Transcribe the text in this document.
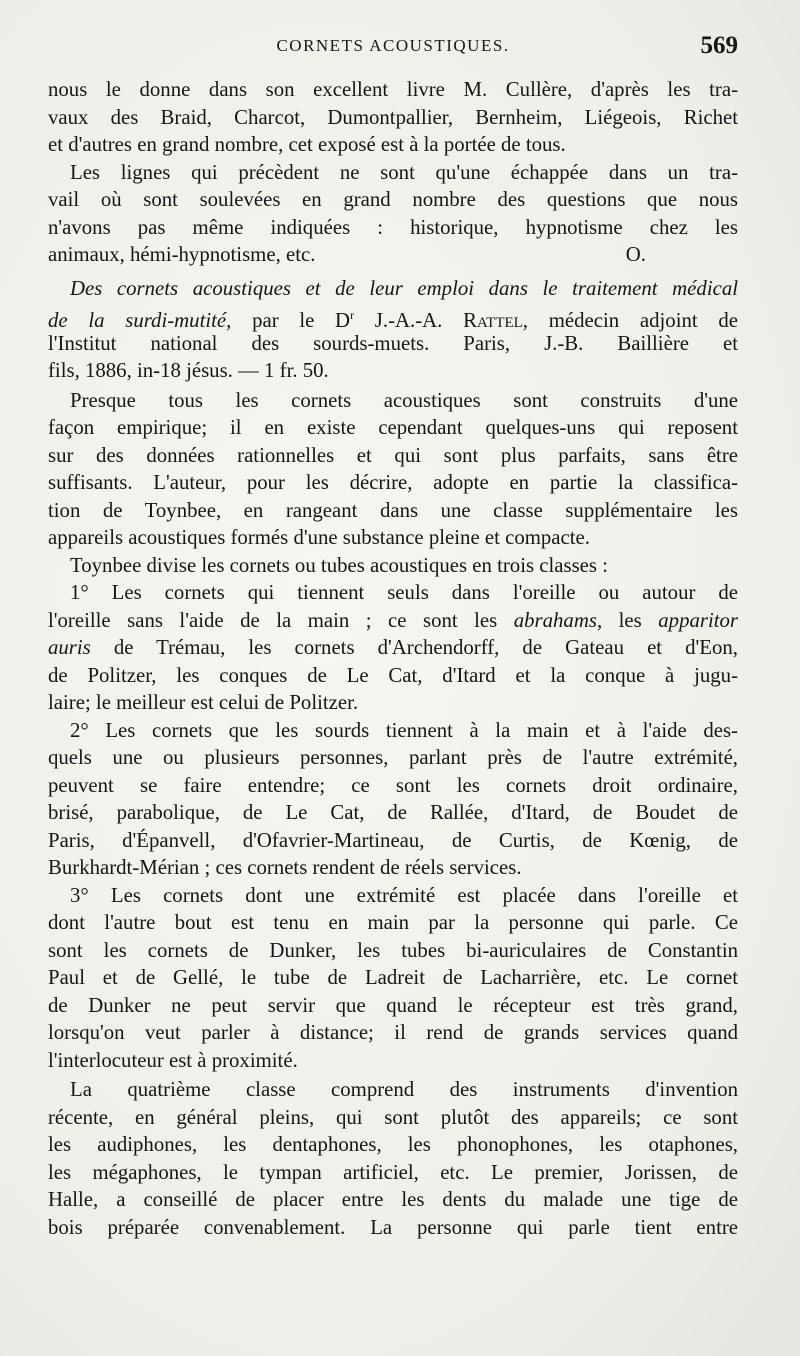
CORNETS ACOUSTIQUES.	569
nous le donne dans son excellent livre M. Cullère, d'après les tra-
vaux des Braid, Charcot, Dumontpallier, Bernheim, Liégeois, Richet
et d'autres en grand nombre, cet exposé est à la portée de tous.
Les lignes qui précèdent ne sont qu'une échappée dans un tra-
vail où sont soulevées en grand nombre des questions que nous
n'avons pas même indiquées : historique, hypnotisme chez les
animaux, hémi-hypnotisme, etc.	O.
Des cornets acoustiques et de leur emploi dans le traitement médical
de la surdi-mutité, par le $D^r$ J.-A.-A. Rattel, médecin adjoint de
l'Institut national des sourds-muets. Paris, J.-B. Baillière et
fils, 1886, in-18 jésus. — 1 fr. 50.
Presque tous les cornets acoustiques sont construits d'une
façon empirique; il en existe cependant quelques-uns qui reposent
sur des données rationnelles et qui sont plus parfaits, sans être
suffisants. L'auteur, pour les décrire, adopte en partie la classifica-
tion de Toynbee, en rangeant dans une classe supplémentaire les
appareils acoustiques formés d'une substance pleine et compacte.
Toynbee divise les cornets ou tubes acoustiques en trois classes :
1° Les cornets qui tiennent seuls dans l'oreille ou autour de
l'oreille sans l'aide de la main ; ce sont les abrahams, les apparitor
auris de Trémau, les cornets d'Archendorff, de Gateau et d'Eon,
de Politzer, les conques de Le Cat, d'Itard et la conque à jugu-
laire; le meilleur est celui de Politzer.
2° Les cornets que les sourds tiennent à la main et à l'aide des-
quels une ou plusieurs personnes, parlant près de l'autre extrémité,
peuvent se faire entendre; ce sont les cornets droit ordinaire,
brisé, parabolique, de Le Cat, de Rallée, d'Itard, de Boudet de
Paris, d'Épanvell, d'Ofavrier-Martineau, de Curtis, de Kœnig, de
Burkhardt-Mérian ; ces cornets rendent de réels services.
3° Les cornets dont une extrémité est placée dans l'oreille et
dont l'autre bout est tenu en main par la personne qui parle. Ce
sont les cornets de Dunker, les tubes bi-auriculaires de Constantin
Paul et de Gellé, le tube de Ladreit de Lacharrière, etc. Le cornet
de Dunker ne peut servir que quand le récepteur est très grand,
lorsqu'on veut parler à distance; il rend de grands services quand
l'interlocuteur est à proximité.
La quatrième classe comprend des instruments d'invention
récente, en général pleins, qui sont plutôt des appareils; ce sont
les audiphones, les dentaphones, les phonophones, les otaphones,
les mégaphones, le tympan artificiel, etc. Le premier, Jorissen, de
Halle, a conseillé de placer entre les dents du malade une tige de
bois préparée convenablement. La personne qui parle tient entre
